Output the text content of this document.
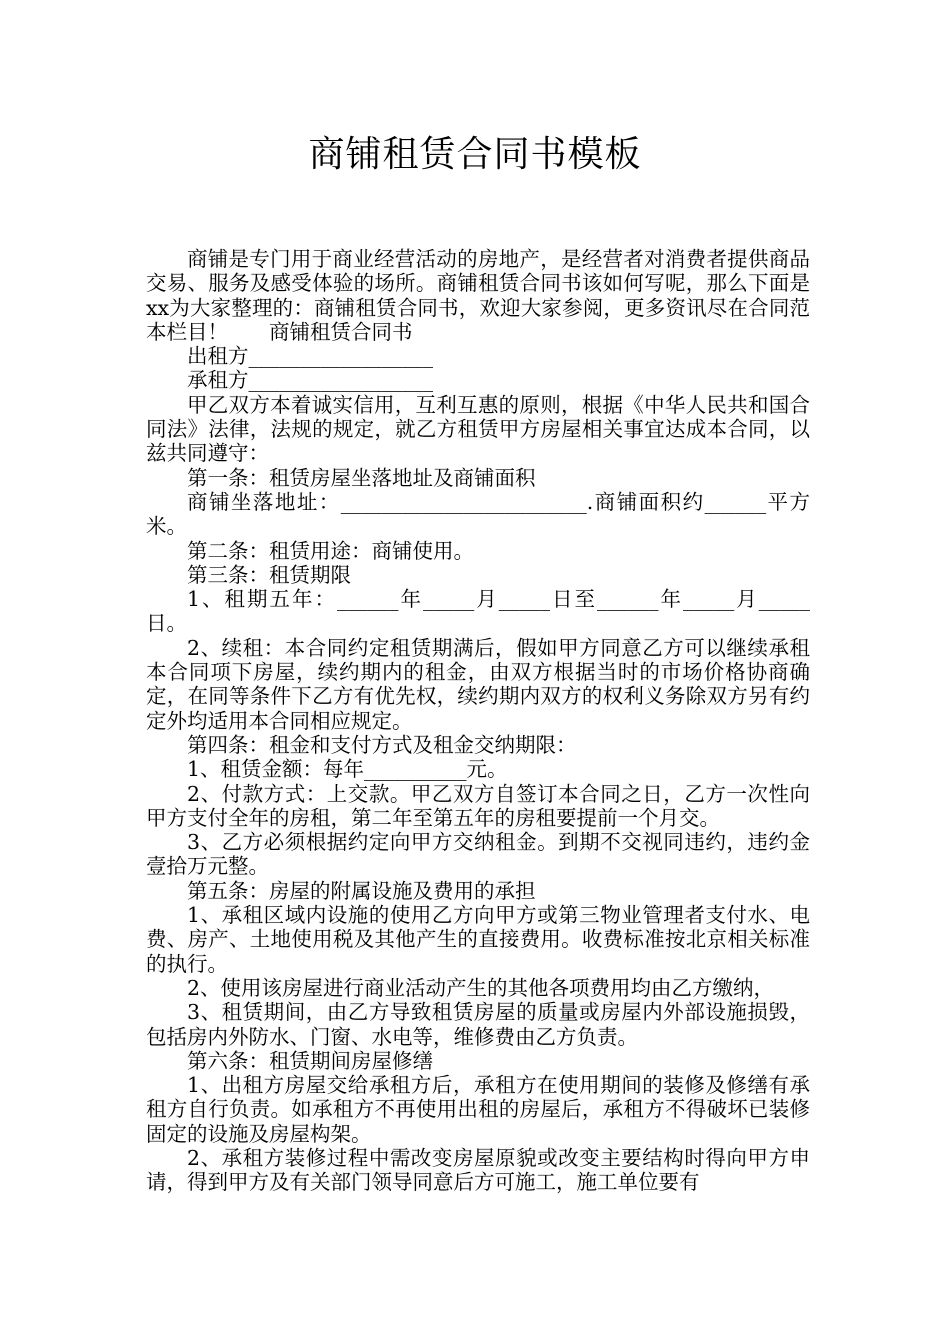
商铺租赁合同书模板

商铺是专门用于商业经营活动的房地产，是经营者对消费者提供商品交易、服务及感受体验的场所。商铺租赁合同书该如何写呢，那么下面是xx为大家整理的：商铺租赁合同书，欢迎大家参阅，更多资讯尽在合同范本栏目！　　商铺租赁合同书

出租方__________________

承租方__________________

甲乙双方本着诚实信用，互利互惠的原则，根据《中华人民共和国合同法》法律，法规的规定，就乙方租赁甲方房屋相关事宜达成本合同，以兹共同遵守：

第一条：租赁房屋坐落地址及商铺面积

商铺坐落地址：________________________.商铺面积约______平方米。

第二条：租赁用途：商铺使用。

第三条：租赁期限

1、租期五年：______年_____月_____日至______年_____月_____日。

2、续租：本合同约定租赁期满后，假如甲方同意乙方可以继续承租本合同项下房屋，续约期内的租金，由双方根据当时的市场价格协商确定，在同等条件下乙方有优先权，续约期内双方的权利义务除双方另有约定外均适用本合同相应规定。

第四条：租金和支付方式及租金交纳期限：

1、租赁金额：每年__________元。

2、付款方式：上交款。甲乙双方自签订本合同之日，乙方一次性向甲方支付全年的房租，第二年至第五年的房租要提前一个月交。

3、乙方必须根据约定向甲方交纳租金。到期不交视同违约，违约金壹拾万元整。

第五条：房屋的附属设施及费用的承担

1、承租区域内设施的使用乙方向甲方或第三物业管理者支付水、电费、房产、土地使用税及其他产生的直接费用。收费标准按北京相关标准的执行。

2、使用该房屋进行商业活动产生的其他各项费用均由乙方缴纳，

3、租赁期间，由乙方导致租赁房屋的质量或房屋内外部设施损毁，包括房内外防水、门窗、水电等，维修费由乙方负责。

第六条：租赁期间房屋修缮

1、出租方房屋交给承租方后，承租方在使用期间的装修及修缮有承租方自行负责。如承租方不再使用出租的房屋后，承租方不得破坏已装修固定的设施及房屋构架。

2、承租方装修过程中需改变房屋原貌或改变主要结构时得向甲方申请，得到甲方及有关部门领导同意后方可施工，施工单位要有
